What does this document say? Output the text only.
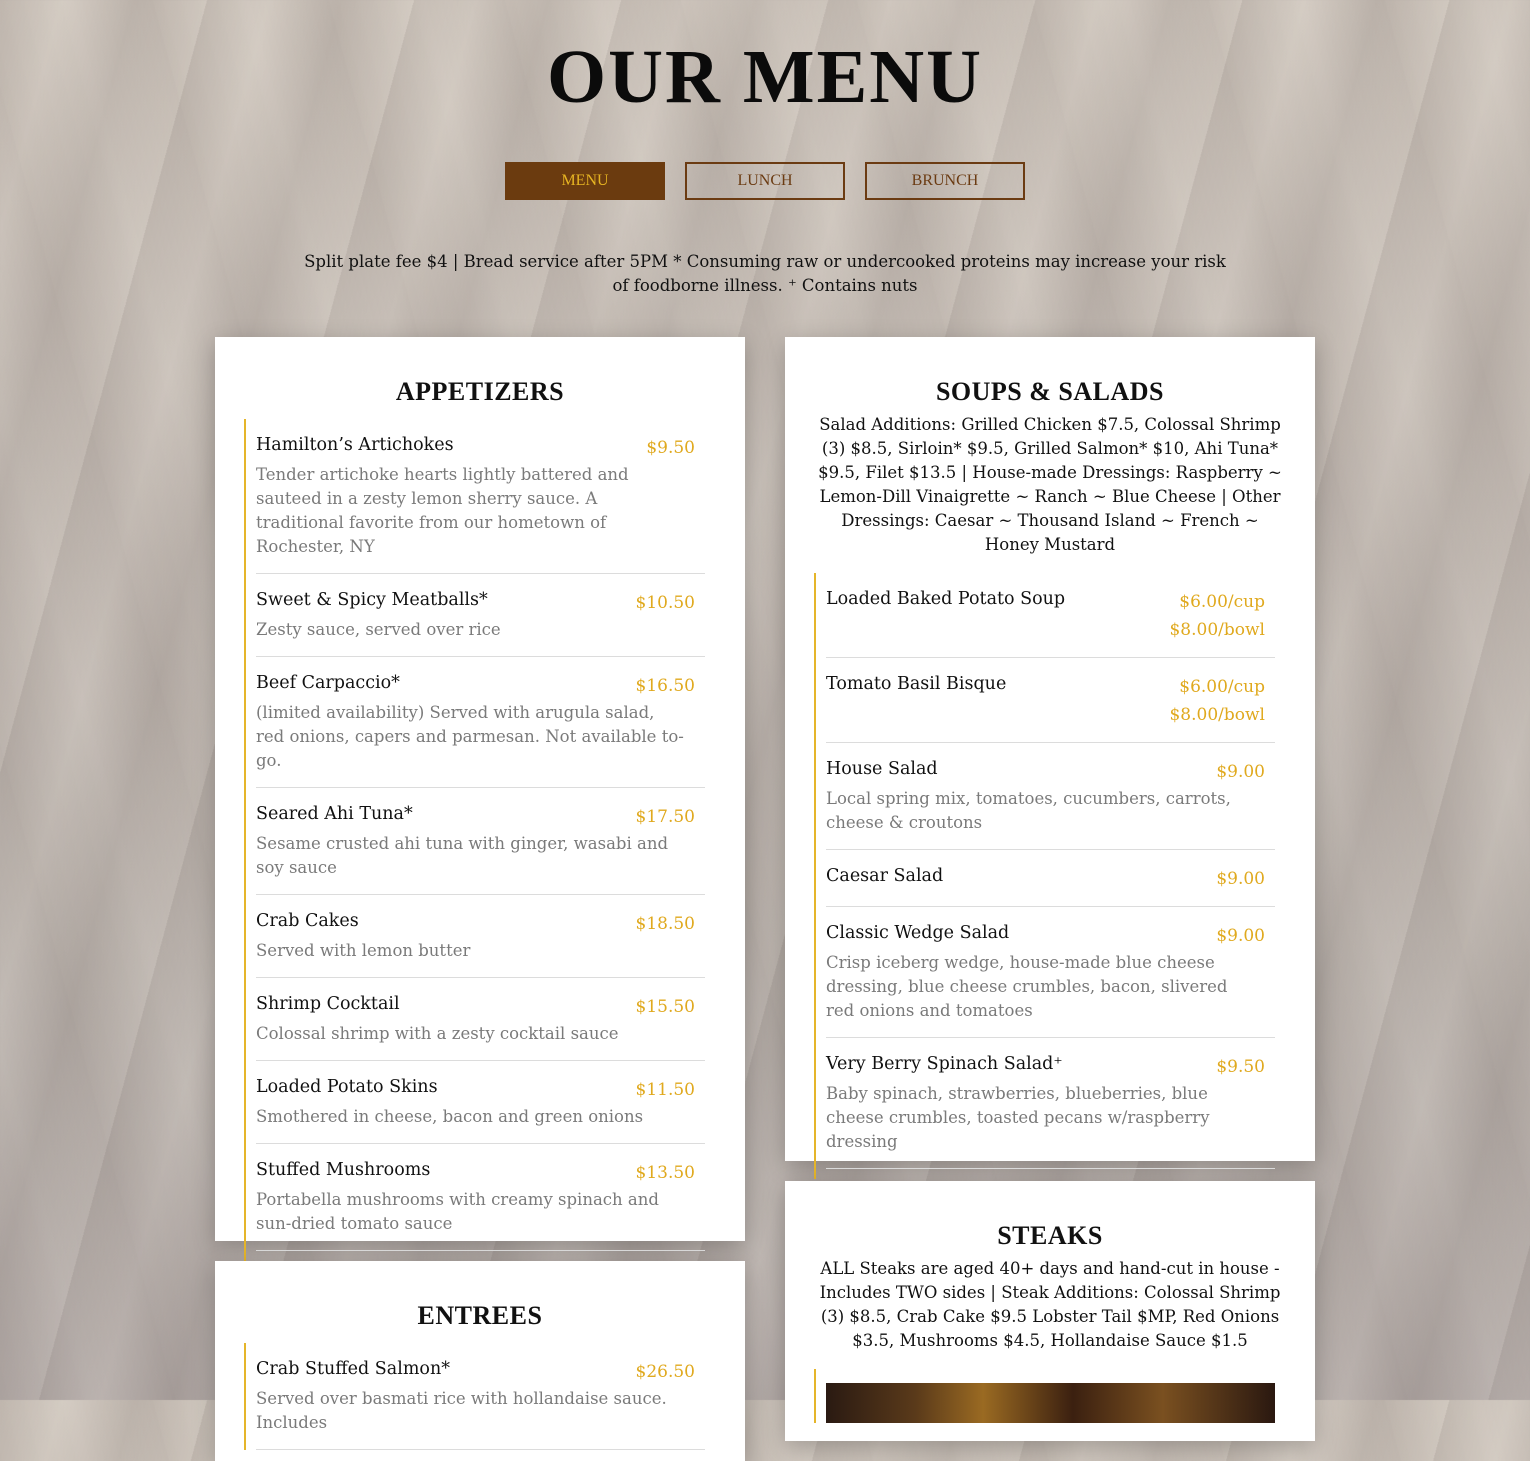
OUR MENU
MENU	LUNCH	BRUNCH

Split plate fee $4 | Bread service after 5PM * Consuming raw or undercooked proteins may increase your risk of foodborne illness. ⁺ Contains nuts

APPETIZERS
Hamilton’s Artichokes	$9.50
Tender artichoke hearts lightly battered and sauteed in a zesty lemon sherry sauce. A traditional favorite from our hometown of Rochester, NY
Sweet & Spicy Meatballs*	$10.50
Zesty sauce, served over rice
Beef Carpaccio*	$16.50
(limited availability) Served with arugula salad, red onions, capers and parmesan. Not available to-go.
Seared Ahi Tuna*	$17.50
Sesame crusted ahi tuna with ginger, wasabi and soy sauce
Crab Cakes	$18.50
Served with lemon butter
Shrimp Cocktail	$15.50
Colossal shrimp with a zesty cocktail sauce
Loaded Potato Skins	$11.50
Smothered in cheese, bacon and green onions
Stuffed Mushrooms	$13.50
Portabella mushrooms with creamy spinach and sun-dried tomato sauce
ENTREES
Crab Stuffed Salmon*	$26.50
Served over basmati rice with hollandaise sauce. Includes
SOUPS & SALADS

Salad Additions: Grilled Chicken $7.5, Colossal Shrimp (3) $8.5, Sirloin* $9.5, Grilled Salmon* $10, Ahi Tuna* $9.5, Filet $13.5 | House-made Dressings: Raspberry ~ Lemon-Dill Vinaigrette ~ Ranch ~ Blue Cheese | Other Dressings: Caesar ~ Thousand Island ~ French ~ Honey Mustard

Loaded Baked Potato Soup	$6.00/cup
$8.00/bowl
Tomato Basil Bisque	$6.00/cup
$8.00/bowl
House Salad	$9.00
Local spring mix, tomatoes, cucumbers, carrots, cheese & croutons
Caesar Salad	$9.00
Classic Wedge Salad	$9.00
Crisp iceberg wedge, house-made blue cheese dressing, blue cheese crumbles, bacon, slivered red onions and tomatoes
Very Berry Spinach Salad⁺	$9.50
Baby spinach, strawberries, blueberries, blue cheese crumbles, toasted pecans w/raspberry dressing
STEAKS

ALL Steaks are aged 40+ days and hand-cut in house - Includes TWO sides | Steak Additions: Colossal Shrimp (3) $8.5, Crab Cake $9.5 Lobster Tail $MP, Red Onions $3.5, Mushrooms $4.5, Hollandaise Sauce $1.5
